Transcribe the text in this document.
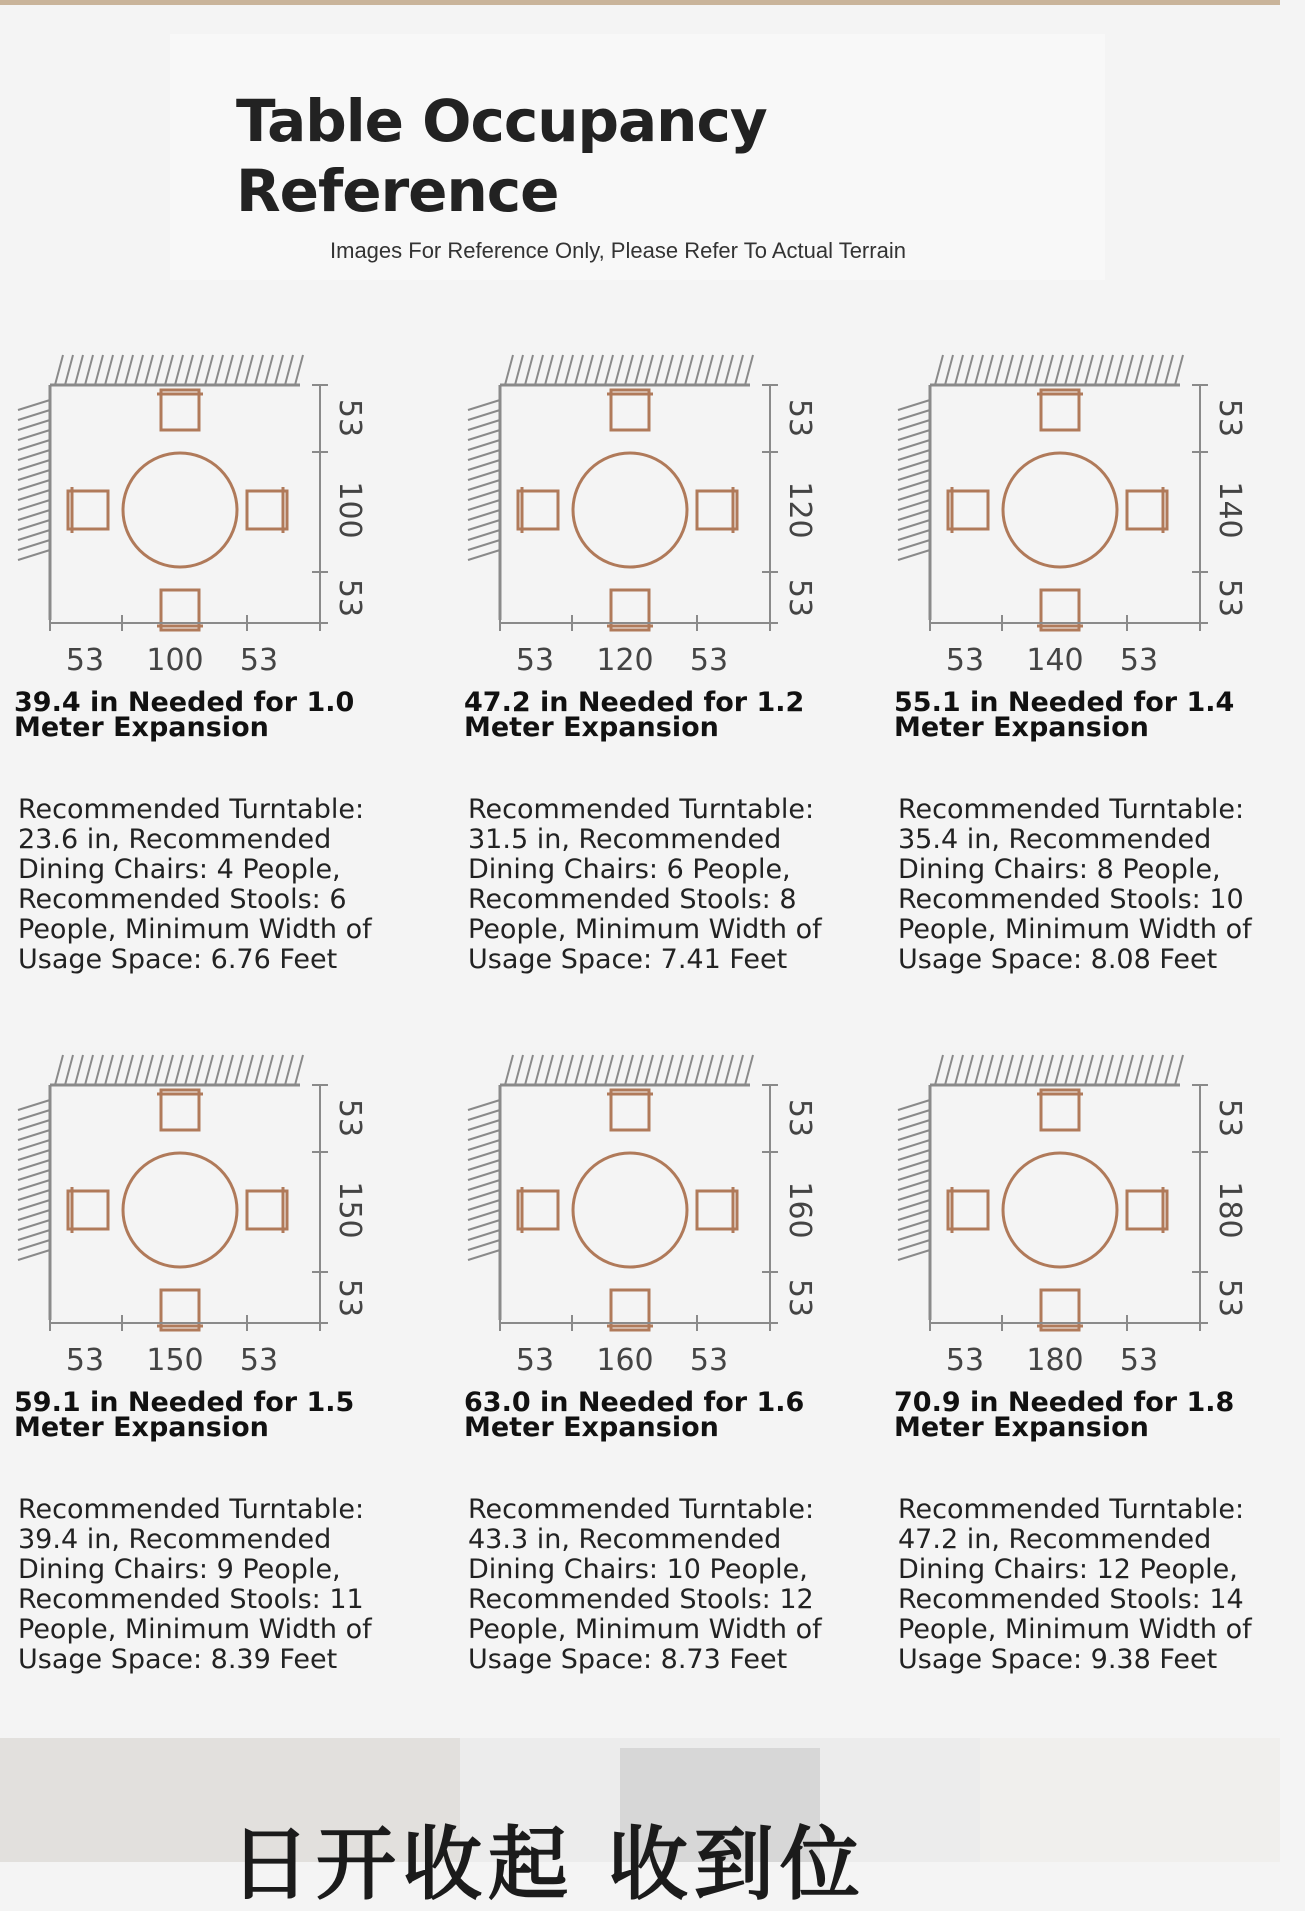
Table Occupancy Reference
Images For Reference Only, Please Refer To Actual Terrain
53 100 53
53
100
53
39.4 in Needed for 1.0 Meter Expansion
Recommended Turntable: 23.6 in, Recommended Dining Chairs: 4 People, Recommended Stools: 6 People, Minimum Width of Usage Space: 6.76 Feet
53 120 53
53
120
53
47.2 in Needed for 1.2 Meter Expansion
Recommended Turntable: 31.5 in, Recommended Dining Chairs: 6 People, Recommended Stools: 8 People, Minimum Width of Usage Space: 7.41 Feet
53 140 53
53
140
53
55.1 in Needed for 1.4 Meter Expansion
Recommended Turntable: 35.4 in, Recommended Dining Chairs: 8 People, Recommended Stools: 10 People, Minimum Width of Usage Space: 8.08 Feet
53 150 53
53
150
53
59.1 in Needed for 1.5 Meter Expansion
Recommended Turntable: 39.4 in, Recommended Dining Chairs: 9 People, Recommended Stools: 11 People, Minimum Width of Usage Space: 8.39 Feet
53 160 53
53
160
53
63.0 in Needed for 1.6 Meter Expansion
Recommended Turntable: 43.3 in, Recommended Dining Chairs: 10 People, Recommended Stools: 12 People, Minimum Width of Usage Space: 8.73 Feet
53 180 53
53
180
53
70.9 in Needed for 1.8 Meter Expansion
Recommended Turntable: 47.2 in, Recommended Dining Chairs: 12 People, Recommended Stools: 14 People, Minimum Width of Usage Space: 9.38 Feet
日开收起 收到位
